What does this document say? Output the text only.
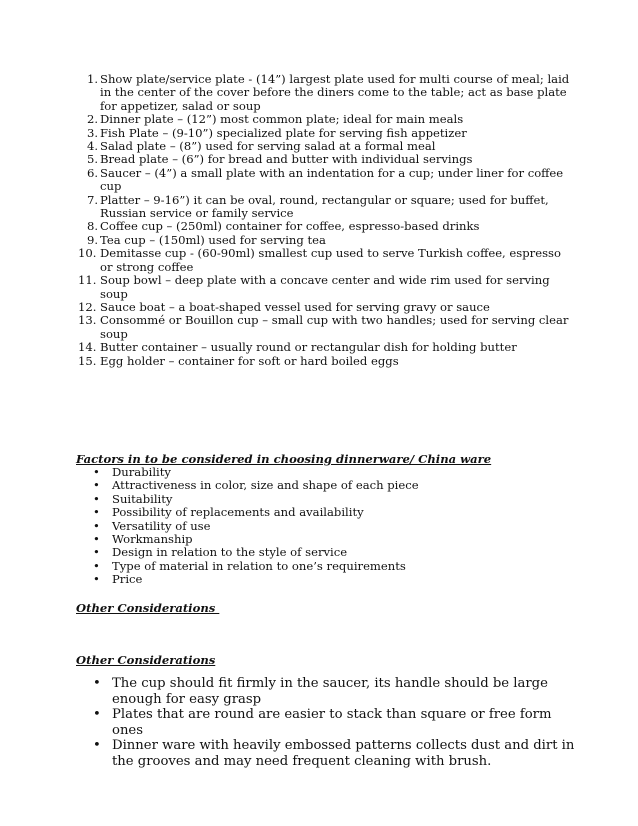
1. Show plate/service plate - (14”) largest plate used for multi course of meal; laid in the center of the cover before the diners come to the table; act as base plate for appetizer, salad or soup
2. Dinner plate – (12”) most common plate; ideal for main meals
3. Fish Plate – (9-10”) specialized plate for serving fish appetizer
4. Salad plate – (8”) used for serving salad at a formal meal
5. Bread plate – (6”) for bread and butter with individual servings
6. Saucer – (4”) a small plate with an indentation for a cup; under liner for coffee cup
7. Platter – 9-16”) it can be oval, round, rectangular or square; used for buffet, Russian service or family service
8. Coffee cup – (250ml) container for coffee, espresso-based drinks
9. Tea cup – (150ml) used for serving tea
10. Demitasse cup - (60-90ml) smallest cup used to serve Turkish coffee, espresso or strong coffee
11. Soup bowl – deep plate with a concave center and wide rim used for serving soup
12. Sauce boat – a boat-shaped vessel used for serving gravy or sauce
13. Consommé or Bouillon cup – small cup with two handles; used for serving clear soup
14. Butter container – usually round or rectangular dish for holding butter
15. Egg holder – container for soft or hard boiled eggs
Factors in to be considered in choosing dinnerware/ China ware
• Durability
• Attractiveness in color, size and shape of each piece
• Suitability
• Possibility of replacements and availability
• Versatility of use
• Workmanship
• Design in relation to the style of service
• Type of material in relation to one’s requirements
• Price
Other Considerations
Other Considerations
• The cup should fit firmly in the saucer, its handle should be large enough for easy grasp
• Plates that are round are easier to stack than square or free form ones
• Dinner ware with heavily embossed patterns collects dust and dirt in the grooves and may need frequent cleaning with brush.
